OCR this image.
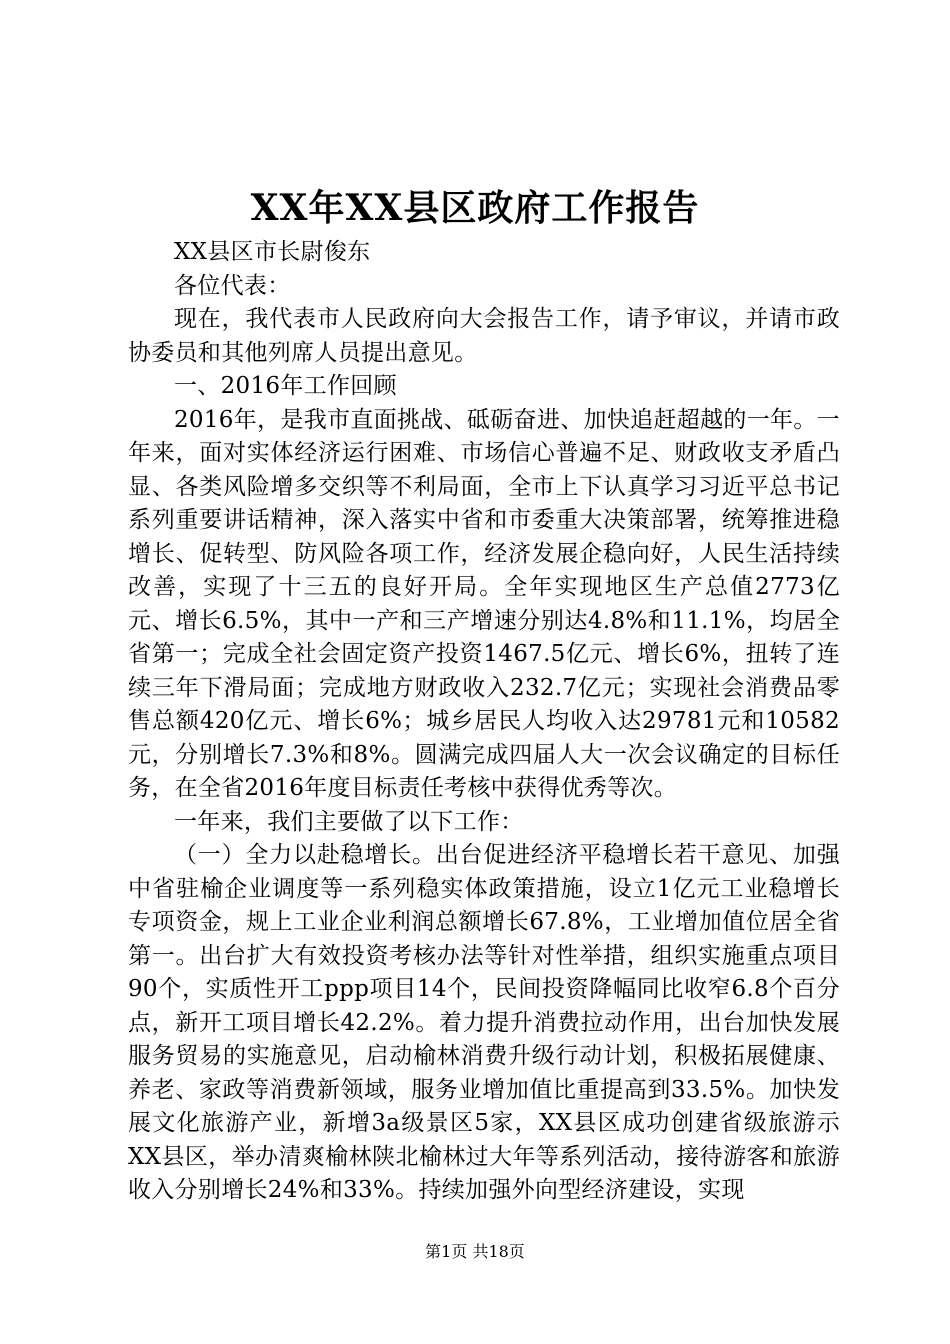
XX年XX县区政府工作报告

XX县区市长尉俊东

各位代表：

现在，我代表市人民政府向大会报告工作，请予审议，并请市政协委员和其他列席人员提出意见。

一、2016年工作回顾

2016年，是我市直面挑战、砥砺奋进、加快追赶超越的一年。一年来，面对实体经济运行困难、市场信心普遍不足、财政收支矛盾凸显、各类风险增多交织等不利局面，全市上下认真学习习近平总书记系列重要讲话精神，深入落实中省和市委重大决策部署，统筹推进稳增长、促转型、防风险各项工作，经济发展企稳向好，人民生活持续改善，实现了十三五的良好开局。全年实现地区生产总值2773亿元、增长6.5%，其中一产和三产增速分别达4.8%和11.1%，均居全省第一；完成全社会固定资产投资1467.5亿元、增长6%，扭转了连续三年下滑局面；完成地方财政收入232.7亿元；实现社会消费品零售总额420亿元、增长6%；城乡居民人均收入达29781元和10582元，分别增长7.3%和8%。圆满完成四届人大一次会议确定的目标任务，在全省2016年度目标责任考核中获得优秀等次。

一年来，我们主要做了以下工作：

（一）全力以赴稳增长。出台促进经济平稳增长若干意见、加强中省驻榆企业调度等一系列稳实体政策措施，设立1亿元工业稳增长专项资金，规上工业企业利润总额增长67.8%，工业增加值位居全省第一。出台扩大有效投资考核办法等针对性举措，组织实施重点项目90个，实质性开工ppp项目14个，民间投资降幅同比收窄6.8个百分点，新开工项目增长42.2%。着力提升消费拉动作用，出台加快发展服务贸易的实施意见，启动榆林消费升级行动计划，积极拓展健康、养老、家政等消费新领域，服务业增加值比重提高到33.5%。加快发展文化旅游产业，新增3a级景区5家，XX县区成功创建省级旅游示XX县区，举办清爽榆林陕北榆林过大年等系列活动，接待游客和旅游收入分别增长24%和33%。持续加强外向型经济建设，实现

第1页 共18页
